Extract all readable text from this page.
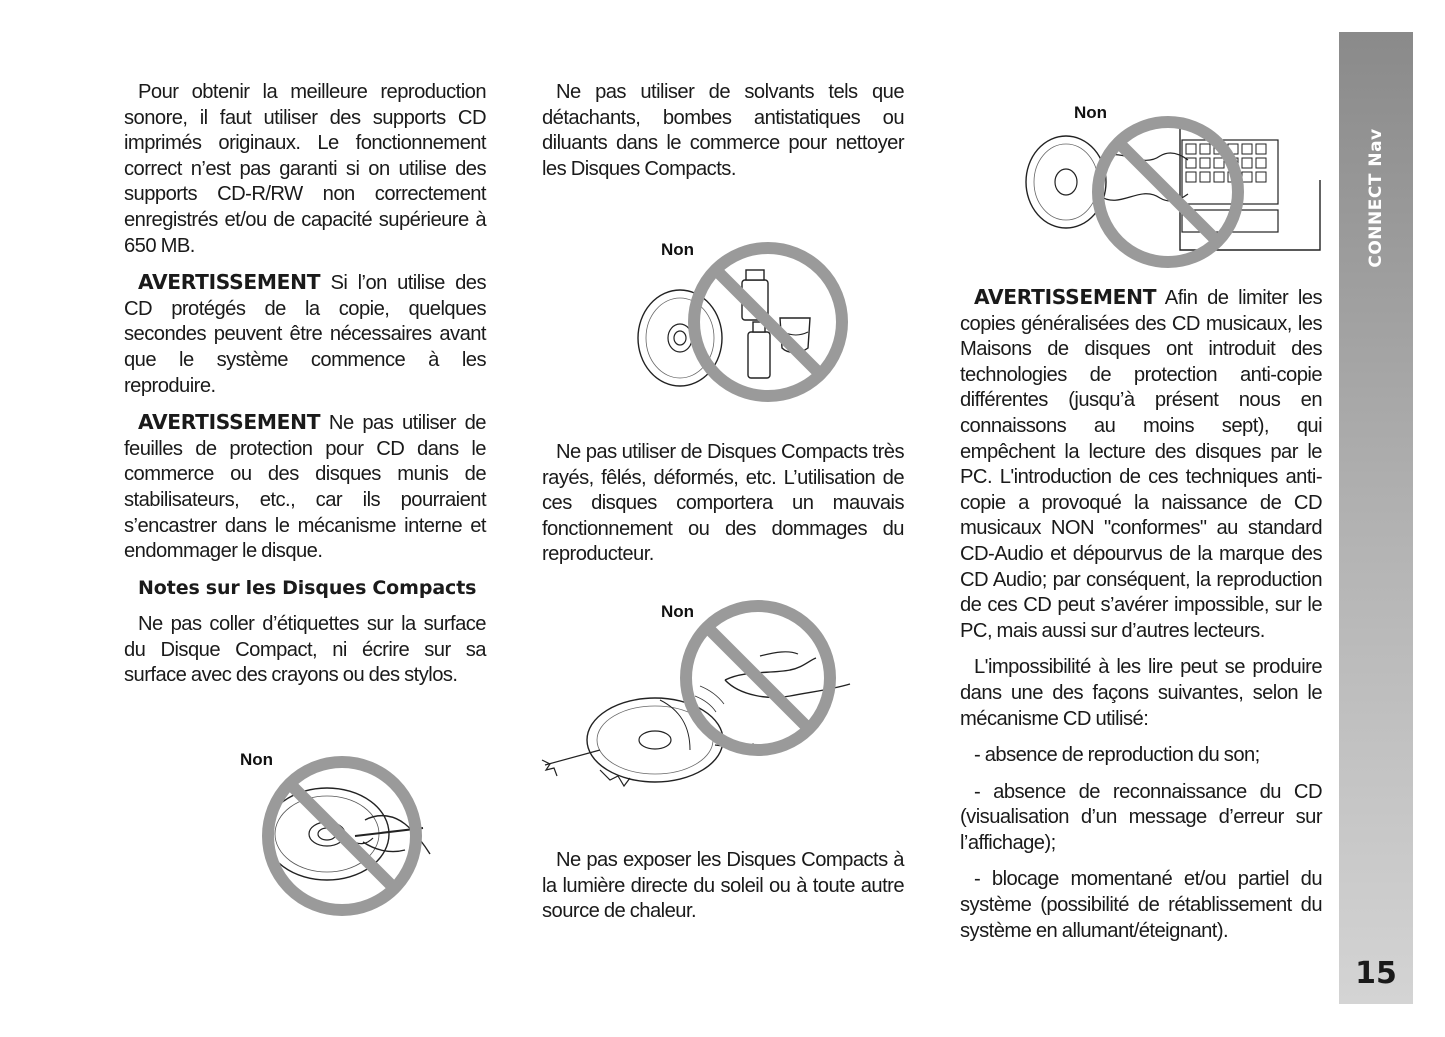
Pour obtenir la meilleure reproduction sonore, il faut utiliser des supports CD imprimés originaux. Le fonctionnement correct n’est pas garanti si on utilise des supports CD-R/RW non correctement enregistrés et/ou de capacité supérieure à 650 MB.

AVERTISSEMENT Si l’on utilise des CD protégés de la copie, quelques secondes peuvent être nécessaires avant que le système commence à les reproduire.

AVERTISSEMENT Ne pas utiliser de feuilles de protection pour CD dans le commerce ou des disques munis de stabilisateurs, etc., car ils pourraient s’encastrer dans le mécanisme interne et endommager le disque.

Notes sur les Disques Compacts

Ne pas coller d’étiquettes sur la surface du Disque Compact, ni écrire sur sa surface avec des crayons ou des stylos.

Ne pas utiliser de solvants tels que détachants, bombes antistatiques ou diluants dans le commerce pour nettoyer les Disques Compacts.

Ne pas utiliser de Disques Compacts très rayés, fêlés, déformés, etc. L’utilisation de ces disques comportera un mauvais fonctionnement ou des dommages du reproducteur.

Ne pas exposer les Disques Compacts à la lumière directe du soleil ou à toute autre source de chaleur.

AVERTISSEMENT Afin de limiter les copies généralisées des CD musicaux, les Maisons de disques ont introduit des technologies de protection anti-copie différentes (jusqu’à présent nous en connaissons au moins sept), qui empêchent la lecture des disques par le PC. L'introduction de ces techniques anti-copie a provoqué la naissance de CD musicaux NON "conformes" au standard CD-Audio et dépourvus de la marque des CD Audio; par conséquent, la reproduction de ces CD peut s’avérer impossible, sur le PC, mais aussi sur d’autres lecteurs.

L'impossibilité à les lire peut se produire dans une des façons suivantes, selon le mécanisme CD utilisé:

- absence de reproduction du son;

- absence de reconnaissance du CD (visualisation d’un message d’erreur sur l’affichage);

- blocage momentané et/ou partiel du système (possibilité de rétablissement du système en allumant/éteignant).

Non
Non
Non
Non
CONNECT Nav
15
